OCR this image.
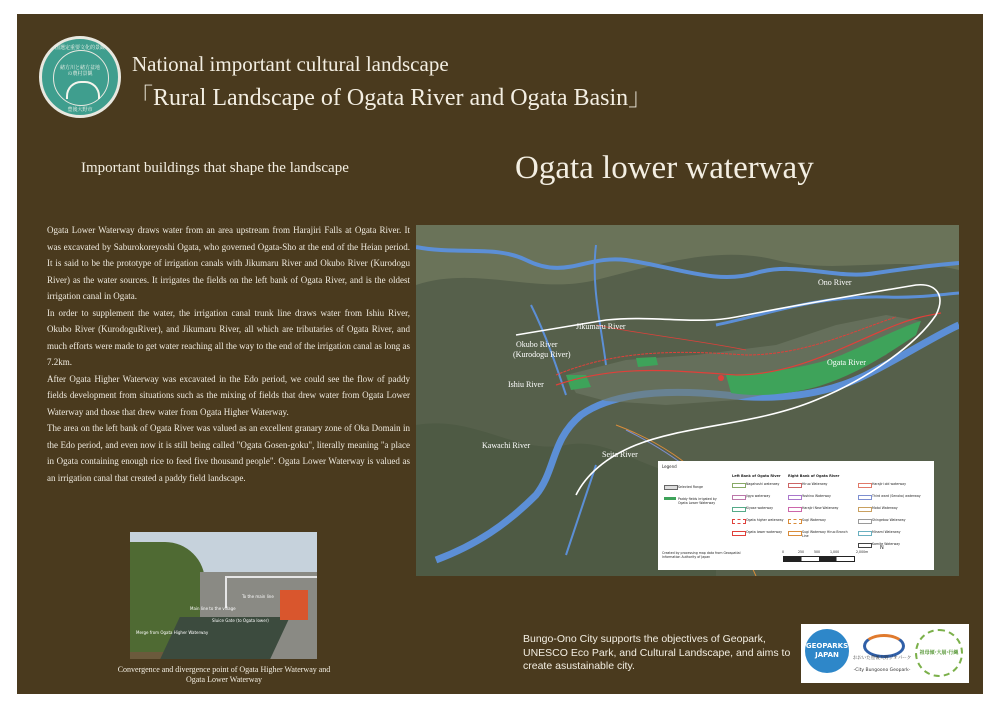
国選定重要文化的景観
緒方川と緒方盆地の農村景観
豊後大野市
National important cultural landscape
「Rural Landscape of Ogata River and Ogata Basin」
Important buildings that shape the landscape	Ogata lower waterway

Ogata Lower Waterway draws water from an area upstream from Harajiri Falls at Ogata River. It was excavated by Saburokoreyoshi Ogata, who governed Ogata-Sho at the end of the Heian period. It is said to be the prototype of irrigation canals with Jikumaru River and Okubo River (Kurodogu River) as the water sources. It irrigates the fields on the left bank of Ogata River, and is the oldest irrigation canal in Ogata.

In order to supplement the water, the irrigation canal trunk line draws water from Ishiu River, Okubo River (KurodoguRiver), and Jikumaru River, all which are tributaries of Ogata River, and much efforts were made to get water reaching all the way to the end of the irrigation canal as long as 7.2km.

After Ogata Higher Waterway was excavated in the Edo period, we could see the flow of paddy fields development from situations such as the mixing of fields that drew water from Ogata Lower Waterway and those that drew water from Ogata Higher Waterway.

The area on the left bank of Ogata River was valued as an excellent granary zone of Oka Domain in the Edo period, and even now it is still being called "Ogata Gosen-goku", literally meaning "a place in Ogata containing enough rice to feed five thousand people". Ogata Lower Waterway is valued as an irrigation canal that created a paddy field landscape.

To the main line
Main line to the village
Sluice Gate (to Ogata lower)
Merge from Ogata Higher Waterway
Convergence and divergence point of Ogata Higher Waterway and Ogata Lower Waterway
Ono River
Jikumaru River
Okubo River
(Kurodogu River)
Ishiu River
Ogata River
Kawachi River
Seita River
Legend
Left Bank of Ogata River Right Bank of Ogata River
Selected Range
Paddy fields irrigated by Ogata Lower Waterway
Nagahoshi waterway
Jigyo waterway
Kiyose waterway
Ogata higher waterway
Ogata lower waterway
Hiruo Waterway
Yoshino Waterway
Harajiri New Waterway
Sugi Waterway
Sugi Waterway Hiruo Branch Line
Harajiri old waterway
Third ward (Senoko) waterway
Motoi Waterway
Shingebaz Waterway
Minami Waterway
Kamite Waterway
Created by processing map data from Geospatial Information Authority of Japan
0	250	500	1,000	2,000m
N
Bungo-Ono City supports the objectives of Geopark, UNESCO Eco Park, and Cultural Landscape, and aims to create asustainable city.
GEOPARKS
JAPAN	おおいた豊後大野ジオパーク
-City Bungoono Geopark-
祖母傾·大崩·行縄
